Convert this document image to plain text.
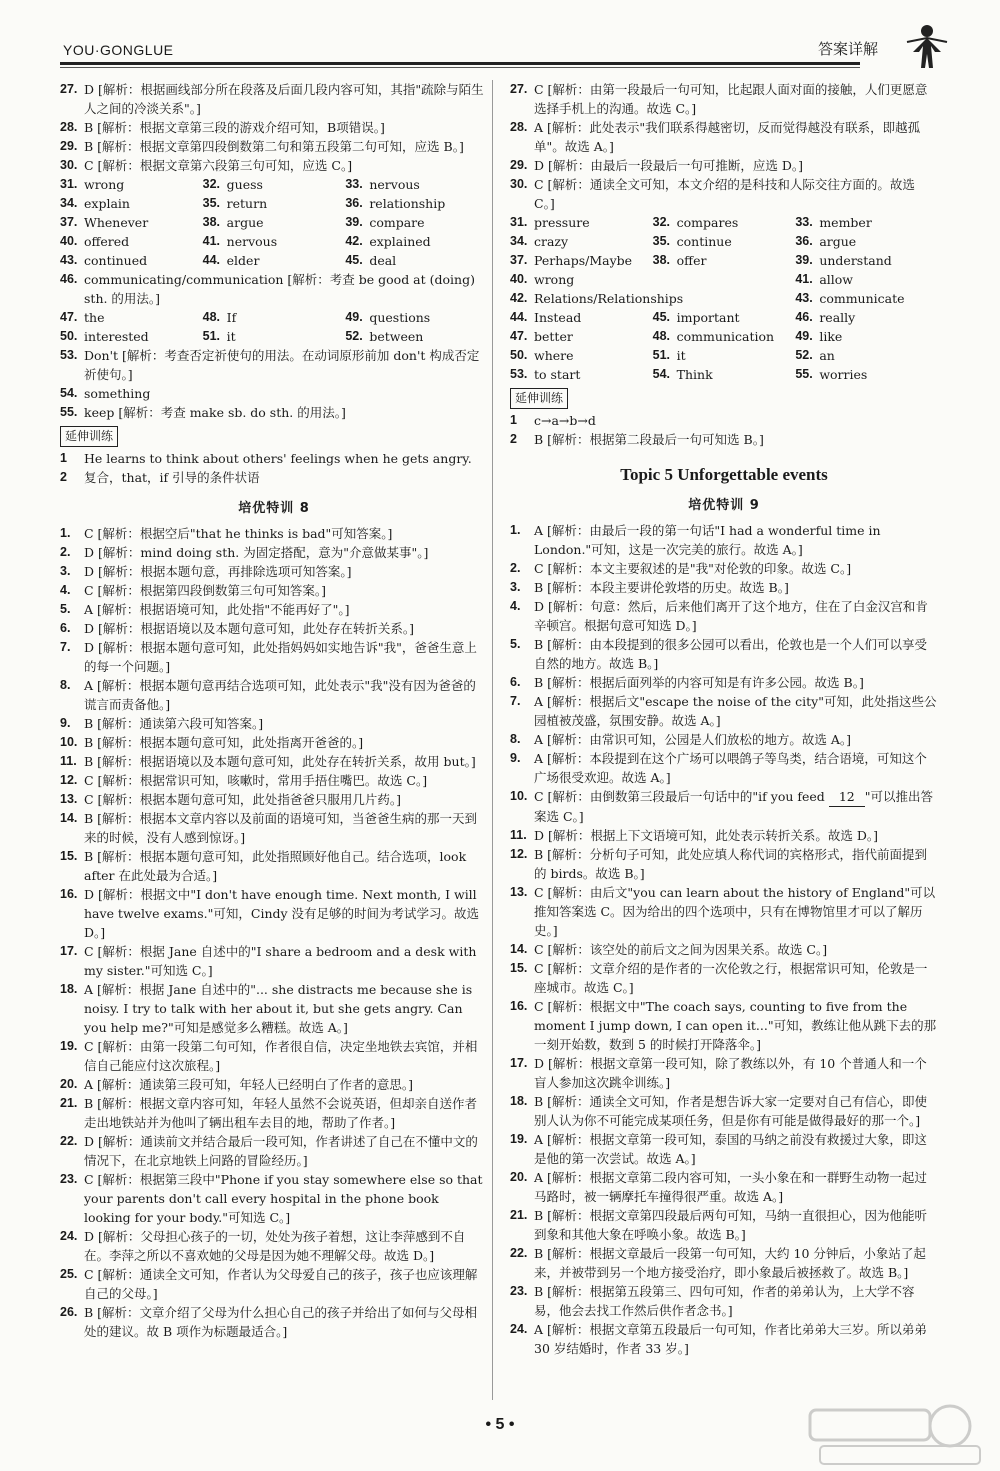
YOU·GONGLUE	答案详解
27. D [解析：根据画线部分所在段落及后面几段内容可知，其指"疏除与陌生人之间的冷淡关系"。]
28. B [解析：根据文章第三段的游戏介绍可知，B项错误。]
29. B [解析：根据文章第四段倒数第二句和第五段第二句可知，应选 B。]
30. C [解析：根据文章第六段第三句可知，应选 C。]
31. wrong	32. guess	33. nervous
34. explain	35. return	36. relationship
37. Whenever	38. argue	39. compare
40. offered	41. nervous	42. explained
43. continued	44. elder	45. deal
46. communicating/communication [解析：考查 be good at (doing) sth. 的用法。]
47. the	48. If	49. questions
50. interested	51. it	52. between
53. Don't [解析：考查否定祈使句的用法。在动词原形前加 don't 构成否定祈使句。]
54. something
55. keep [解析：考查 make sb. do sth. 的用法。]
延伸训练
1	He learns to think about others' feelings when he gets angry.
2	复合，that，if 引导的条件状语
培优特训 8
1.	C [解析：根据空后"that he thinks is bad"可知答案。]
2.	D [解析：mind doing sth. 为固定搭配，意为"介意做某事"。]
3.	D [解析：根据本题句意，再排除选项可知答案。]
4.	C [解析：根据第四段倒数第三句可知答案。]
5.	A [解析：根据语境可知，此处指"不能再好了"。]
6.	D [解析：根据语境以及本题句意可知，此处存在转折关系。]
7.	D [解析：根据本题句意可知，此处指妈妈如实地告诉"我"，爸爸生意上的每一个问题。]
8.	A [解析：根据本题句意再结合选项可知，此处表示"我"没有因为爸爸的谎言而责备他。]
9.	B [解析：通读第六段可知答案。]
10. B [解析：根据本题句意可知，此处指离开爸爸的。]
11. B [解析：根据语境以及本题句意可知，此处存在转折关系，故用 but。]
12. C [解析：根据常识可知，咳嗽时，常用手捂住嘴巴。故选 C。]
13. C [解析：根据本题句意可知，此处指爸爸只服用几片药。]
14. B [解析：根据本文章内容以及前面的语境可知，当爸爸生病的那一天到来的时候，没有人感到惊讶。]
15. B [解析：根据本题句意可知，此处指照顾好他自己。结合选项，look after 在此处最为合适。]
16. D [解析：根据文中"I don't have enough time. Next month, I will have twelve exams."可知，Cindy 没有足够的时间为考试学习。故选 D。]
17. C [解析：根据 Jane 自述中的"I share a bedroom and a desk with my sister."可知选 C。]
18. A [解析：根据 Jane 自述中的"... she distracts me because she is noisy. I try to talk with her about it, but she gets angry. Can you help me?"可知是感觉多么糟糕。故选 A。]
19. C [解析：由第一段第二句可知，作者很自信，决定坐地铁去宾馆，并相信自己能应付这次旅程。]
20. A [解析：通读第三段可知，年轻人已经明白了作者的意思。]
21. B [解析：根据文章内容可知，年轻人虽然不会说英语，但却亲自送作者走出地铁站并为他叫了辆出租车去目的地，帮助了作者。]
22. D [解析：通读前文并结合最后一段可知，作者讲述了自己在不懂中文的情况下，在北京地铁上问路的冒险经历。]
23. C [解析：根据第三段中"Phone if you stay somewhere else so that your parents don't call every hospital in the phone book looking for your body."可知选 C。]
24. D [解析：父母担心孩子的一切，处处为孩子着想，这让李萍感到不自在。李萍之所以不喜欢她的父母是因为她不理解父母。故选 D。]
25. C [解析：通读全文可知，作者认为父母爱自己的孩子，孩子也应该理解自己的父母。]
26. B [解析：文章介绍了父母为什么担心自己的孩子并给出了如何与父母相处的建议。故 B 项作为标题最适合。]
27. C [解析：由第一段最后一句可知，比起跟人面对面的接触，人们更愿意选择手机上的沟通。故选 C。]
28. A [解析：此处表示"我们联系得越密切，反而觉得越没有联系，即越孤单"。故选 A。]
29. D [解析：由最后一段最后一句可推断，应选 D。]
30. C [解析：通读全文可知，本文介绍的是科技和人际交往方面的。故选 C。]
31. pressure	32. compares	33. member
34. crazy	35. continue	36. argue
37. Perhaps/Maybe 38. offer	39. understand
40. wrong	41. allow
42. Relations/Relationships	43. communicate
44. Instead	45. important	46. really
47. better	48. communication 49. like
50. where	51. it	52. an
53. to start	54. Think	55. worries
延伸训练
1	c→a→b→d
2	B [解析：根据第二段最后一句可知选 B。]
Topic 5 Unforgettable events
培优特训 9
1.	A [解析：由最后一段的第一句话"I had a wonderful time in London."可知，这是一次完美的旅行。故选 A。]
2.	C [解析：本文主要叙述的是"我"对伦敦的印象。故选 C。]
3.	B [解析：本段主要讲伦敦塔的历史。故选 B。]
4.	D [解析：句意：然后，后来他们离开了这个地方，住在了白金汉宫和肯辛顿宫。根据句意可知选 D。]
5.	B [解析：由本段提到的很多公园可以看出，伦敦也是一个人们可以享受自然的地方。故选 B。]
6.	B [解析：根据后面列举的内容可知是有许多公园。故选 B。]
7.	A [解析：根据后文"escape the noise of the city"可知，此处指这些公园植被茂盛，氛围安静。故选 A。]
8.	A [解析：由常识可知，公园是人们放松的地方。故选 A。]
9.	A [解析：本段提到在这个广场可以喂鸽子等鸟类，结合语境，可知这个广场很受欢迎。故选 A。]
10. C [解析：由倒数第三段最后一句话中的"if you feed 12 "可以推出答案选 C。]
11. D [解析：根据上下文语境可知，此处表示转折关系。故选 D。]
12. B [解析：分析句子可知，此处应填人称代词的宾格形式，指代前面提到的 birds。故选 B。]
13. C [解析：由后文"you can learn about the history of England"可以推知答案选 C。因为给出的四个选项中，只有在博物馆里才可以了解历史。]
14. C [解析：该空处的前后文之间为因果关系。故选 C。]
15. C [解析：文章介绍的是作者的一次伦敦之行，根据常识可知，伦敦是一座城市。故选 C。]
16. C [解析：根据文中"The coach says, counting to five from the moment I jump down, I can open it..."可知，教练让他从跳下去的那一刻开始数，数到 5 的时候打开降落伞。]
17. D [解析：根据文章第一段可知，除了教练以外，有 10 个普通人和一个盲人参加这次跳伞训练。]
18. B [解析：通读全文可知，作者是想告诉大家一定要对自己有信心，即使别人认为你不可能完成某项任务，但是你有可能是做得最好的那一个。]
19. A [解析：根据文章第一段可知，泰国的马纳之前没有救援过大象，即这是他的第一次尝试。故选 A。]
20. A [解析：根据文章第二段内容可知，一头小象在和一群野生动物一起过马路时，被一辆摩托车撞得很严重。故选 A。]
21. B [解析：根据文章第四段最后两句可知，马纳一直很担心，因为他能听到象和其他大象在呼唤小象。故选 B。]
22. B [解析：根据文章最后一段第一句可知，大约 10 分钟后，小象站了起来，并被带到另一个地方接受治疗，即小象最后被拯救了。故选 B。]
23. B [解析：根据第五段第三、四句可知，作者的弟弟认为，上大学不容易，他会去找工作然后供作者念书。]
24. A [解析：根据文章第五段最后一句可知，作者比弟弟大三岁。所以弟弟 30 岁结婚时，作者 33 岁。]
• 5 •
